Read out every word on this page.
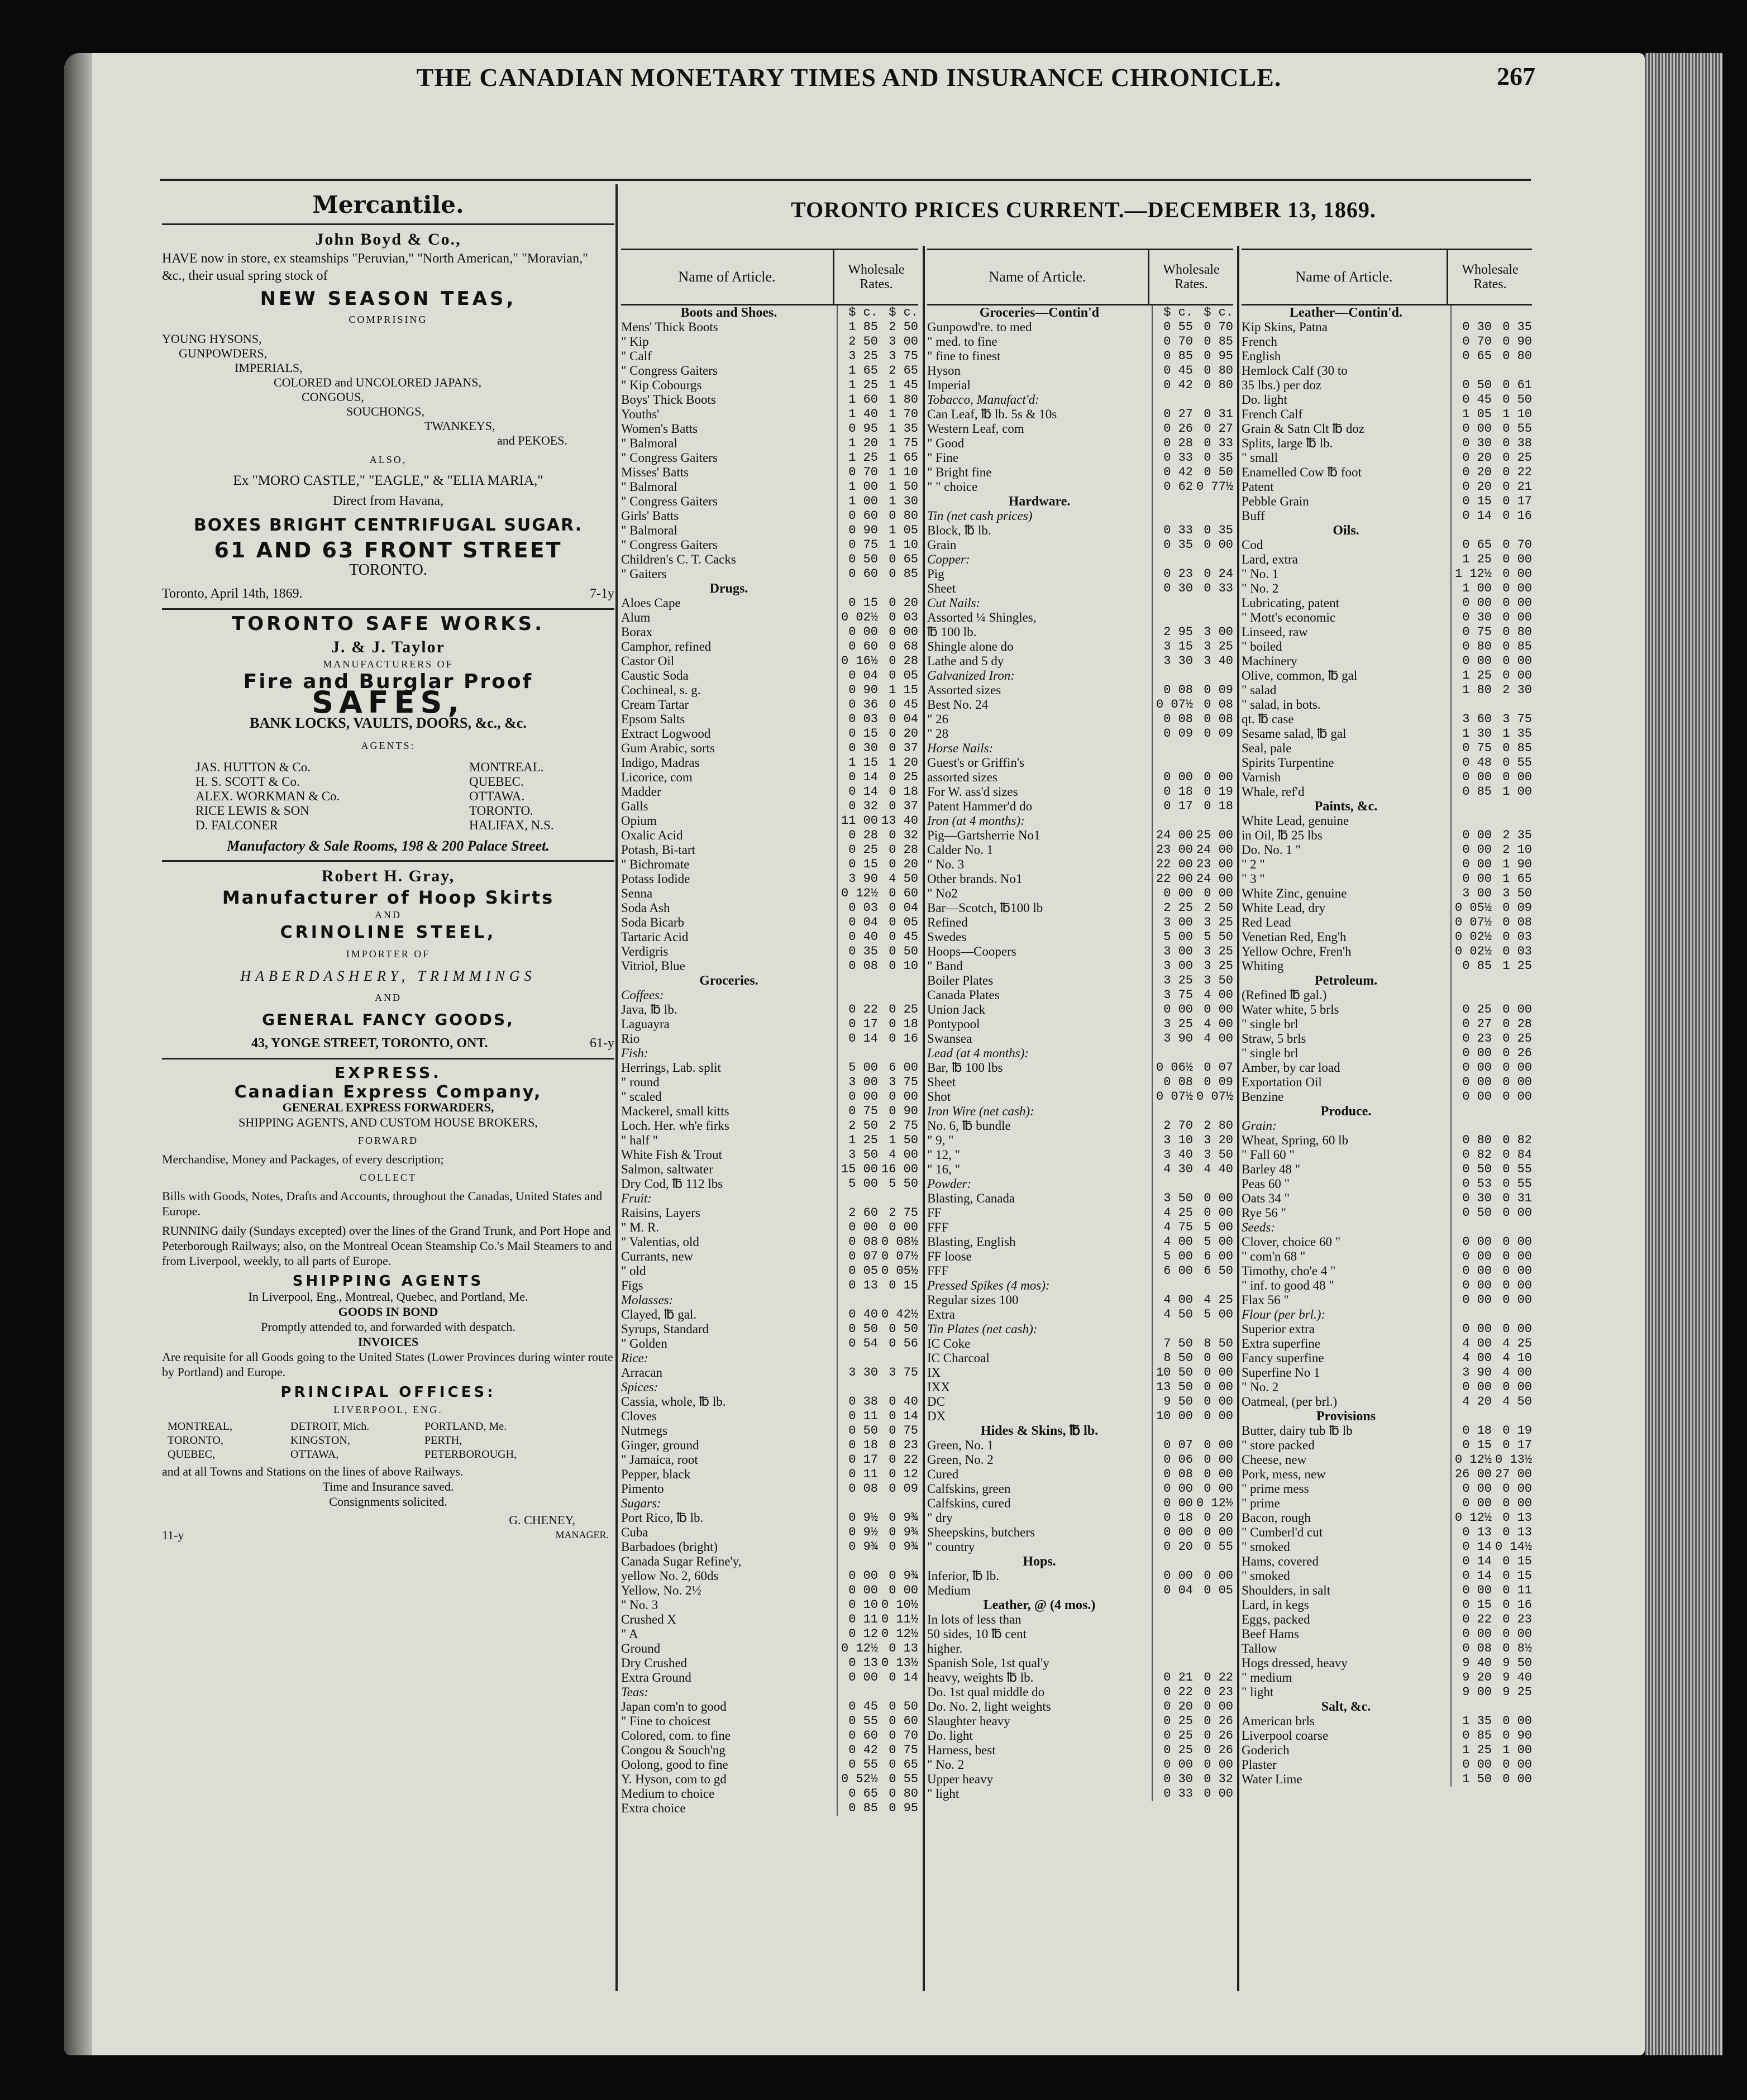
THE CANADIAN MONETARY TIMES AND INSURANCE CHRONICLE.	267
Mercantile.
John Boyd & Co.,
HAVE now in store, ex steamships "Peruvian," "North American," "Moravian," &c., their usual spring stock of
NEW SEASON TEAS,
COMPRISING
YOUNG HYSONS,
GUNPOWDERS,
IMPERIALS,
COLORED and UNCOLORED JAPANS,
CONGOUS,
SOUCHONGS,
TWANKEYS,
and PEKOES.
ALSO,
Ex "MORO CASTLE," "EAGLE," & "ELIA MARIA,"
Direct from Havana,
BOXES BRIGHT CENTRIFUGAL SUGAR.
61 AND 63 FRONT STREET
TORONTO.
Toronto, April 14th, 1869.	7-1y
TORONTO SAFE WORKS.
J. & J. Taylor
MANUFACTURERS OF
Fire and Burglar Proof
SAFES,
BANK LOCKS, VAULTS, DOORS, &c., &c.
AGENTS:
JAS. HUTTON & Co.	MONTREAL.
H. S. SCOTT & Co.	QUEBEC.
ALEX. WORKMAN & Co.	OTTAWA.
RICE LEWIS & SON	TORONTO.
D. FALCONER	HALIFAX, N.S.
Manufactory & Sale Rooms, 198 & 200 Palace Street.
Robert H. Gray,
Manufacturer of Hoop Skirts
AND
CRINOLINE STEEL,
IMPORTER OF
HABERDASHERY, TRIMMINGS
AND
GENERAL FANCY GOODS,
43, YONGE STREET, TORONTO, ONT.	61-y
EXPRESS.
Canadian Express Company,
GENERAL EXPRESS FORWARDERS,
SHIPPING AGENTS, AND CUSTOM HOUSE BROKERS,
FORWARD
Merchandise, Money and Packages, of every description;
COLLECT
Bills with Goods, Notes, Drafts and Accounts, throughout the Canadas, United States and Europe.
RUNNING daily (Sundays excepted) over the lines of the Grand Trunk, and Port Hope and Peterborough Railways; also, on the Montreal Ocean Steamship Co.'s Mail Steamers to and from Liverpool, weekly, to all parts of Europe.
SHIPPING AGENTS
In Liverpool, Eng., Montreal, Quebec, and Portland, Me.
GOODS IN BOND
Promptly attended to, and forwarded with despatch.
INVOICES
Are requisite for all Goods going to the United States (Lower Provinces during winter route by Portland) and Europe.
PRINCIPAL OFFICES:
LIVERPOOL, ENG.
MONTREAL,	DETROIT, Mich.	PORTLAND, Me.
TORONTO,	KINGSTON,	PERTH,
QUEBEC,	OTTAWA,	PETERBOROUGH,
and at all Towns and Stations on the lines of above Railways.
Time and Insurance saved.
Consignments solicited.
11-y
G. CHENEY,
MANAGER.
TORONTO PRICES CURRENT.—DECEMBER 13, 1869.
Name of Article.	Wholesale Rates.
Boots and Shoes.	$ c. $ c.
Mens' Thick Boots	1 85 2 50
" Kip	2 50 3 00
" Calf	3 25 3 75
" Congress Gaiters	1 65 2 65
" Kip Cobourgs	1 25 1 45
Boys' Thick Boots	1 60 1 80
Youths'	1 40 1 70
Women's Batts	0 95 1 35
" Balmoral	1 20 1 75
" Congress Gaiters	1 25 1 65
Misses' Batts	0 70 1 10
" Balmoral	1 00 1 50
" Congress Gaiters	1 00 1 30
Girls' Batts	0 60 0 80
" Balmoral	0 90 1 05
" Congress Gaiters	0 75 1 10
Children's C. T. Cacks	0 50 0 65
" Gaiters	0 60 0 85
Drugs.
Aloes Cape	0 15 0 20
Alum	0 02½ 0 03
Borax	0 00 0 00
Camphor, refined	0 60 0 68
Castor Oil	0 16½ 0 28
Caustic Soda	0 04 0 05
Cochineal, s. g.	0 90 1 15
Cream Tartar	0 36 0 45
Epsom Salts	0 03 0 04
Extract Logwood	0 15 0 20
Gum Arabic, sorts	0 30 0 37
Indigo, Madras	1 15 1 20
Licorice, com	0 14 0 25
Madder	0 14 0 18
Galls	0 32 0 37
Opium	11 00 13 40
Oxalic Acid	0 28 0 32
Potash, Bi-tart	0 25 0 28
" Bichromate	0 15 0 20
Potass Iodide	3 90 4 50
Senna	0 12½ 0 60
Soda Ash	0 03 0 04
Soda Bicarb	0 04 0 05
Tartaric Acid	0 40 0 45
Verdigris	0 35 0 50
Vitriol, Blue	0 08 0 10
Groceries.
Coffees:
Java, ℔ lb.	0 22 0 25
Laguayra	0 17 0 18
Rio	0 14 0 16
Fish:
Herrings, Lab. split	5 00 6 00
" round	3 00 3 75
" scaled	0 00 0 00
Mackerel, small kitts	0 75 0 90
Loch. Her. wh'e firks	2 50 2 75
" half "	1 25 1 50
White Fish & Trout	3 50 4 00
Salmon, saltwater	15 00 16 00
Dry Cod, ℔ 112 lbs	5 00 5 50
Fruit:
Raisins, Layers	2 60 2 75
" M. R.	0 00 0 00
" Valentias, old	0 08 0 08½
Currants, new	0 07 0 07½
" old	0 05 0 05½
Figs	0 13 0 15
Molasses:
Clayed, ℔ gal.	0 40 0 42½
Syrups, Standard	0 50 0 50
" Golden	0 54 0 56
Rice:
Arracan	3 30 3 75
Spices:
Cassia, whole, ℔ lb.	0 38 0 40
Cloves	0 11 0 14
Nutmegs	0 50 0 75
Ginger, ground	0 18 0 23
" Jamaica, root	0 17 0 22
Pepper, black	0 11 0 12
Pimento	0 08 0 09
Sugars:
Port Rico, ℔ lb.	0 9½ 0 9¾
Cuba	0 9½ 0 9¾
Barbadoes (bright)	0 9¾ 0 9¾
Canada Sugar Refine'y,
yellow No. 2, 60ds	0 00 0 9¾
Yellow, No. 2½	0 00 0 00
" No. 3	0 10 0 10½
Crushed X	0 11 0 11½
" A	0 12 0 12½
Ground	0 12½ 0 13
Dry Crushed	0 13 0 13½
Extra Ground	0 00 0 14
Teas:
Japan com'n to good	0 45 0 50
" Fine to choicest	0 55 0 60
Colored, com. to fine	0 60 0 70
Congou & Souch'ng	0 42 0 75
Oolong, good to fine	0 55 0 65
Y. Hyson, com to gd	0 52½ 0 55
Medium to choice	0 65 0 80
Extra choice	0 85 0 95
Name of Article.	Wholesale Rates.
Groceries—Contin'd	$ c. $ c.
Gunpowd're. to med	0 55 0 70
" med. to fine	0 70 0 85
" fine to finest	0 85 0 95
Hyson	0 45 0 80
Imperial	0 42 0 80
Tobacco, Manufact'd:
Can Leaf, ℔ lb. 5s & 10s	0 27 0 31
Western Leaf, com	0 26 0 27
" Good	0 28 0 33
" Fine	0 33 0 35
" Bright fine	0 42 0 50
" " choice	0 62 0 77½
Hardware.
Tin (net cash prices)
Block, ℔ lb.	0 33 0 35
Grain	0 35 0 00
Copper:
Pig	0 23 0 24
Sheet	0 30 0 33
Cut Nails:
Assorted ¼ Shingles,
℔ 100 lb.	2 95 3 00
Shingle alone do	3 15 3 25
Lathe and 5 dy	3 30 3 40
Galvanized Iron:
Assorted sizes	0 08 0 09
Best No. 24	0 07½ 0 08
" 26	0 08 0 08
" 28	0 09 0 09
Horse Nails:
Guest's or Griffin's
assorted sizes	0 00 0 00
For W. ass'd sizes	0 18 0 19
Patent Hammer'd do	0 17 0 18
Iron (at 4 months):
Pig—Gartsherrie No1	24 00 25 00
Calder No. 1	23 00 24 00
" No. 3	22 00 23 00
Other brands. No1	22 00 24 00
" No2	0 00 0 00
Bar—Scotch, ℔100 lb	2 25 2 50
Refined	3 00 3 25
Swedes	5 00 5 50
Hoops—Coopers	3 00 3 25
" Band	3 00 3 25
Boiler Plates	3 25 3 50
Canada Plates	3 75 4 00
Union Jack	0 00 0 00
Pontypool	3 25 4 00
Swansea	3 90 4 00
Lead (at 4 months):
Bar, ℔ 100 lbs	0 06½ 0 07
Sheet	0 08 0 09
Shot	0 07½ 0 07½
Iron Wire (net cash):
No. 6, ℔ bundle	2 70 2 80
" 9, "	3 10 3 20
" 12, "	3 40 3 50
" 16, "	4 30 4 40
Powder:
Blasting, Canada	3 50 0 00
FF	4 25 0 00
FFF	4 75 5 00
Blasting, English	4 00 5 00
FF loose	5 00 6 00
FFF	6 00 6 50
Pressed Spikes (4 mos):
Regular sizes 100	4 00 4 25
Extra	4 50 5 00
Tin Plates (net cash):
IC Coke	7 50 8 50
IC Charcoal	8 50 0 00
IX	10 50 0 00
IXX	13 50 0 00
DC	9 50 0 00
DX	10 00 0 00
Hides & Skins, ℔ lb.
Green, No. 1	0 07 0 00
Green, No. 2	0 06 0 00
Cured	0 08 0 00
Calfskins, green	0 00 0 00
Calfskins, cured	0 00 0 12½
" dry	0 18 0 20
Sheepskins, butchers	0 00 0 00
" country	0 20 0 55
Hops.
Inferior, ℔ lb.	0 00 0 00
Medium	0 04 0 05
Leather, @ (4 mos.)
In lots of less than
50 sides, 10 ℔ cent
higher.
Spanish Sole, 1st qual'y
heavy, weights ℔ lb.	0 21 0 22
Do. 1st qual middle do	0 22 0 23
Do. No. 2, light weights	0 20 0 00
Slaughter heavy	0 25 0 26
Do. light	0 25 0 26
Harness, best	0 25 0 26
" No. 2	0 00 0 00
Upper heavy	0 30 0 32
" light	0 33 0 00
Name of Article.	Wholesale Rates.
Leather—Contin'd.
Kip Skins, Patna	0 30 0 35
French	0 70 0 90
English	0 65 0 80
Hemlock Calf (30 to
35 lbs.) per doz	0 50 0 61
Do. light	0 45 0 50
French Calf	1 05 1 10
Grain & Satn Clt ℔ doz	0 00 0 55
Splits, large ℔ lb.	0 30 0 38
" small	0 20 0 25
Enamelled Cow ℔ foot	0 20 0 22
Patent	0 20 0 21
Pebble Grain	0 15 0 17
Buff	0 14 0 16
Oils.
Cod	0 65 0 70
Lard, extra	1 25 0 00
" No. 1	1 12½ 0 00
" No. 2	1 00 0 00
Lubricating, patent	0 00 0 00
" Mott's economic	0 30 0 00
Linseed, raw	0 75 0 80
" boiled	0 80 0 85
Machinery	0 00 0 00
Olive, common, ℔ gal	1 25 0 00
" salad	1 80 2 30
" salad, in bots.
qt. ℔ case	3 60 3 75
Sesame salad, ℔ gal	1 30 1 35
Seal, pale	0 75 0 85
Spirits Turpentine	0 48 0 55
Varnish	0 00 0 00
Whale, ref'd	0 85 1 00
Paints, &c.
White Lead, genuine
in Oil, ℔ 25 lbs	0 00 2 35
Do. No. 1 "	0 00 2 10
" 2 "	0 00 1 90
" 3 "	0 00 1 65
White Zinc, genuine	3 00 3 50
White Lead, dry	0 05½ 0 09
Red Lead	0 07½ 0 08
Venetian Red, Eng'h	0 02½ 0 03
Yellow Ochre, Fren'h	0 02½ 0 03
Whiting	0 85 1 25
Petroleum.
(Refined ℔ gal.)
Water white, 5 brls	0 25 0 00
" single brl	0 27 0 28
Straw, 5 brls	0 23 0 25
" single brl	0 00 0 26
Amber, by car load	0 00 0 00
Exportation Oil	0 00 0 00
Benzine	0 00 0 00
Produce.
Grain:
Wheat, Spring, 60 lb	0 80 0 82
" Fall 60 "	0 82 0 84
Barley 48 "	0 50 0 55
Peas 60 "	0 53 0 55
Oats 34 "	0 30 0 31
Rye 56 "	0 50 0 00
Seeds:
Clover, choice 60 "	0 00 0 00
" com'n 68 "	0 00 0 00
Timothy, cho'e 4 "	0 00 0 00
" inf. to good 48 "	0 00 0 00
Flax 56 "	0 00 0 00
Flour (per brl.):
Superior extra	0 00 0 00
Extra superfine	4 00 4 25
Fancy superfine	4 00 4 10
Superfine No 1	3 90 4 00
" No. 2	0 00 0 00
Oatmeal, (per brl.)	4 20 4 50
Provisions
Butter, dairy tub ℔ lb	0 18 0 19
" store packed	0 15 0 17
Cheese, new	0 12½ 0 13½
Pork, mess, new	26 00 27 00
" prime mess	0 00 0 00
" prime	0 00 0 00
Bacon, rough	0 12½ 0 13
" Cumberl'd cut	0 13 0 13
" smoked	0 14 0 14½
Hams, covered	0 14 0 15
" smoked	0 14 0 15
Shoulders, in salt	0 00 0 11
Lard, in kegs	0 15 0 16
Eggs, packed	0 22 0 23
Beef Hams	0 00 0 00
Tallow	0 08 0 8½
Hogs dressed, heavy	9 40 9 50
" medium	9 20 9 40
" light	9 00 9 25
Salt, &c.
American brls	1 35 0 00
Liverpool coarse	0 85 0 90
Goderich	1 25 1 00
Plaster	0 00 0 00
Water Lime	1 50 0 00
